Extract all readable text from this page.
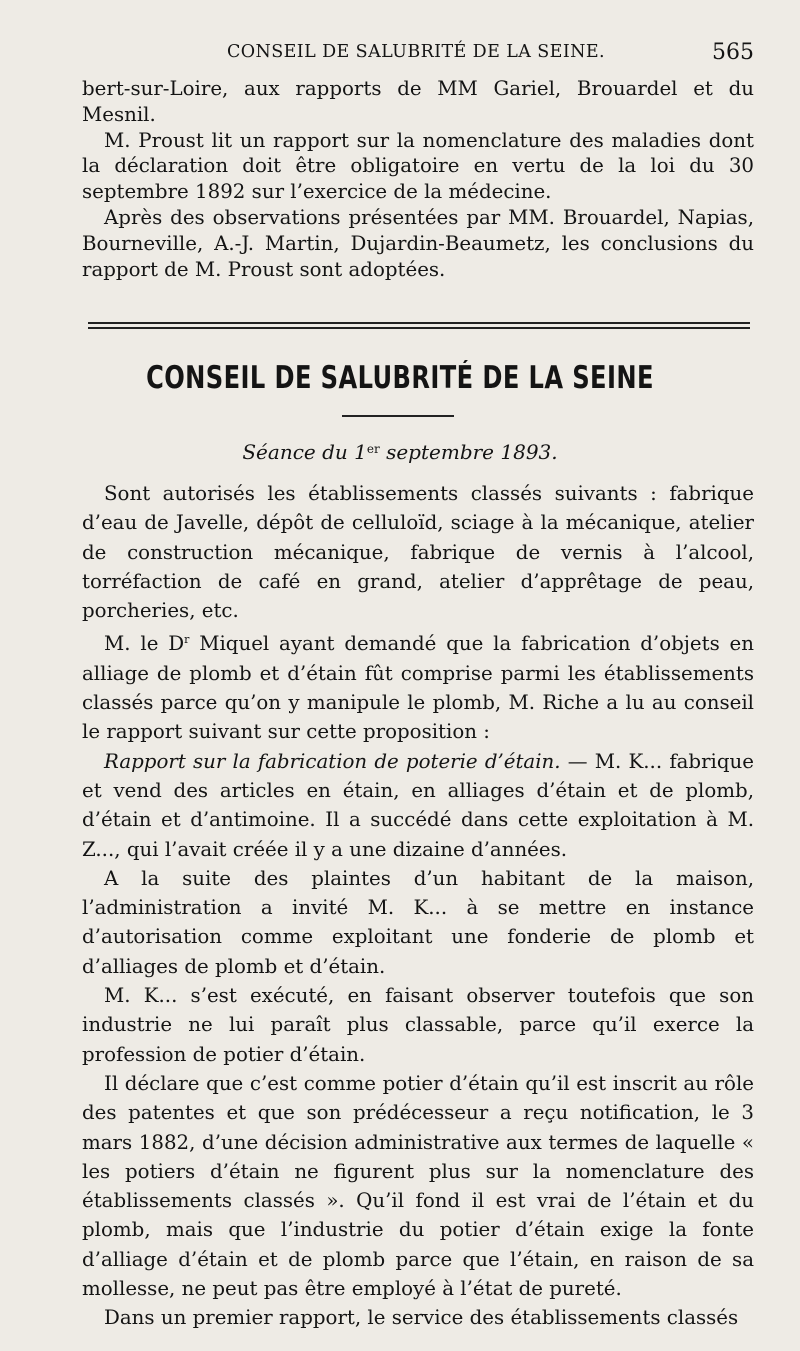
CONSEIL DE SALUBRITÉ DE LA SEINE.	565

bert-sur-Loire, aux rapports de MM Gariel, Brouardel et du Mesnil.

M. Proust lit un rapport sur la nomenclature des maladies dont la déclaration doit être obligatoire en vertu de la loi du 30 septembre 1892 sur l’exercice de la médecine.

Après des observations présentées par MM. Brouardel, Napias, Bourneville, A.-J. Martin, Dujardin-Beaumetz, les conclusions du rapport de M. Proust sont adoptées.

CONSEIL DE SALUBRITÉ DE LA SEINE
Séance du 1er septembre 1893.

Sont autorisés les établissements classés suivants : fabrique d’eau de Javelle, dépôt de celluloïd, sciage à la mécanique, atelier de construction mécanique, fabrique de vernis à l’alcool, torréfaction de café en grand, atelier d’apprêtage de peau, porcheries, etc.

M. le $D^r$ Miquel ayant demandé que la fabrication d’objets en alliage de plomb et d’étain fût comprise parmi les établissements classés parce qu’on y manipule le plomb, M. Riche a lu au conseil le rapport suivant sur cette proposition :

Rapport sur la fabrication de poterie d’étain. — M. K... fabrique et vend des articles en étain, en alliages d’étain et de plomb, d’étain et d’antimoine. Il a succédé dans cette exploitation à M. Z..., qui l’avait créée il y a une dizaine d’années.

A la suite des plaintes d’un habitant de la maison, l’administration a invité M. K... à se mettre en instance d’autorisation comme exploitant une fonderie de plomb et d’alliages de plomb et d’étain.

M. K... s’est exécuté, en faisant observer toutefois que son industrie ne lui paraît plus classable, parce qu’il exerce la profession de potier d’étain.

Il déclare que c’est comme potier d’étain qu’il est inscrit au rôle des patentes et que son prédécesseur a reçu notification, le 3 mars 1882, d’une décision administrative aux termes de laquelle « les potiers d’étain ne figurent plus sur la nomenclature des établissements classés ». Qu’il fond il est vrai de l’étain et du plomb, mais que l’industrie du potier d’étain exige la fonte d’alliage d’étain et de plomb parce que l’étain, en raison de sa mollesse, ne peut pas être employé à l’état de pureté.

Dans un premier rapport, le service des établissements classés
